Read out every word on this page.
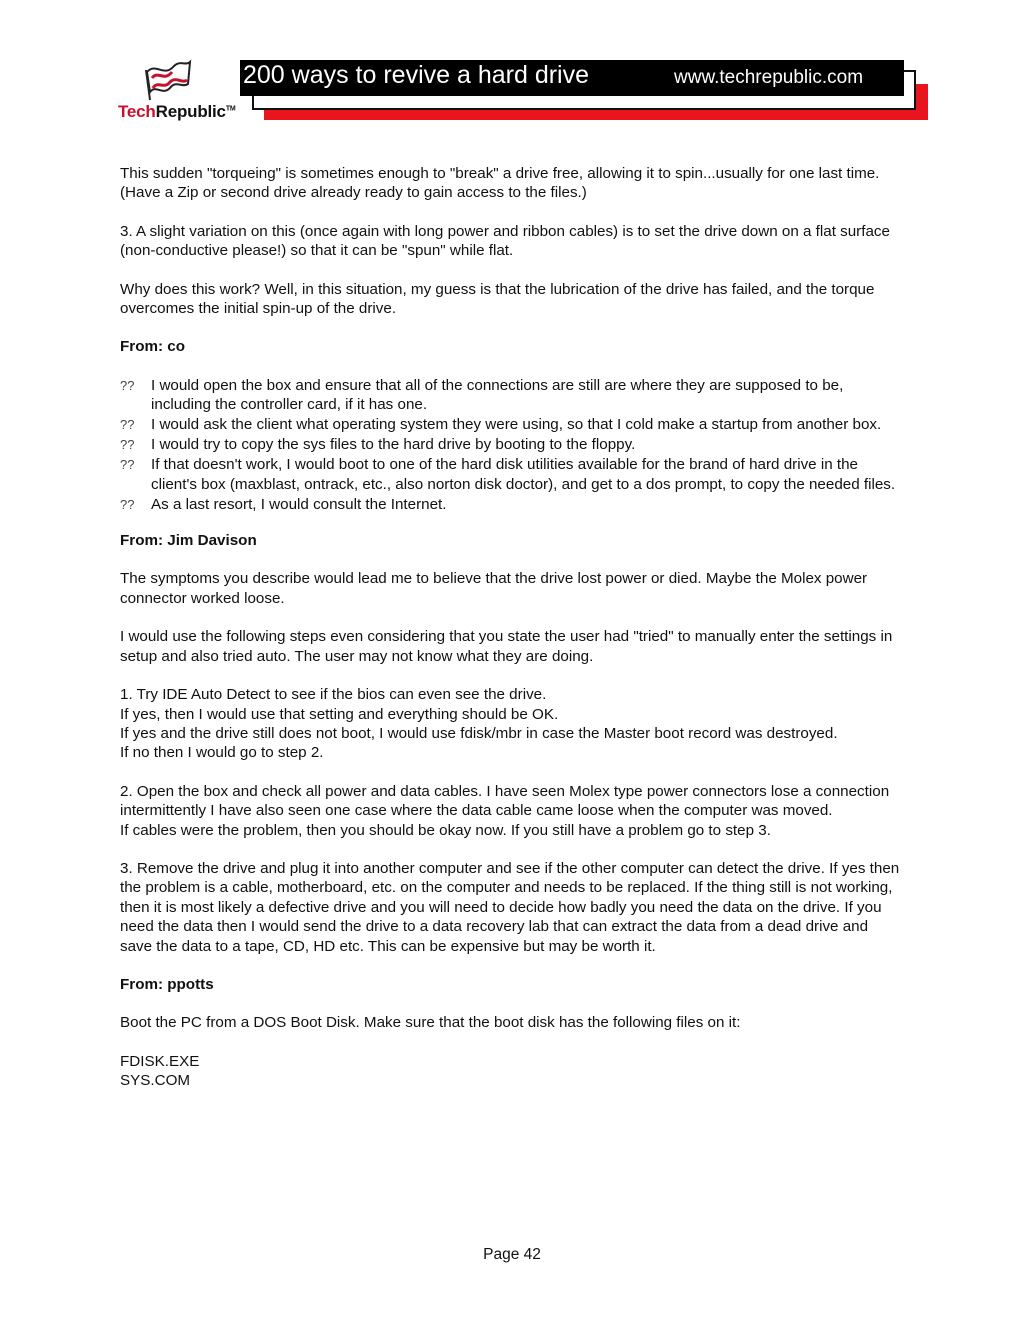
TechRepublic™
200 ways to revive a hard drive	www.techrepublic.com

This sudden "torqueing" is sometimes enough to "break" a drive free, allowing it to spin...usually for one last time. (Have a Zip or second drive already ready to gain access to the files.)

3. A slight variation on this (once again with long power and ribbon cables) is to set the drive down on a flat surface (non-conductive please!) so that it can be "spun" while flat.

Why does this work? Well, in this situation, my guess is that the lubrication of the drive has failed, and the torque overcomes the initial spin-up of the drive.

From: co
?? I would open the box and ensure that all of the connections are still are where they are supposed to be, including the controller card, if it has one.
?? I would ask the client what operating system they were using, so that I cold make a startup from another box.
?? I would try to copy the sys files to the hard drive by booting to the floppy.
?? If that doesn't work, I would boot to one of the hard disk utilities available for the brand of hard drive in the client's box (maxblast, ontrack, etc., also norton disk doctor), and get to a dos prompt, to copy the needed files.
?? As a last resort, I would consult the Internet.
From: Jim Davison

The symptoms you describe would lead me to believe that the drive lost power or died. Maybe the Molex power connector worked loose.

I would use the following steps even considering that you state the user had "tried" to manually enter the settings in setup and also tried auto. The user may not know what they are doing.

1. Try IDE Auto Detect to see if the bios can even see the drive.

If yes, then I would use that setting and everything should be OK.

If yes and the drive still does not boot, I would use fdisk/mbr in case the Master boot record was destroyed.

If no then I would go to step 2.

2. Open the box and check all power and data cables. I have seen Molex type power connectors lose a connection intermittently I have also seen one case where the data cable came loose when the computer was moved.

If cables were the problem, then you should be okay now. If you still have a problem go to step 3.

3. Remove the drive and plug it into another computer and see if the other computer can detect the drive. If yes then the problem is a cable, motherboard, etc. on the computer and needs to be replaced. If the thing still is not working, then it is most likely a defective drive and you will need to decide how badly you need the data on the drive. If you need the data then I would send the drive to a data recovery lab that can extract the data from a dead drive and save the data to a tape, CD, HD etc. This can be expensive but may be worth it.

From: ppotts

Boot the PC from a DOS Boot Disk. Make sure that the boot disk has the following files on it:

FDISK.EXE

SYS.COM

Page 42
